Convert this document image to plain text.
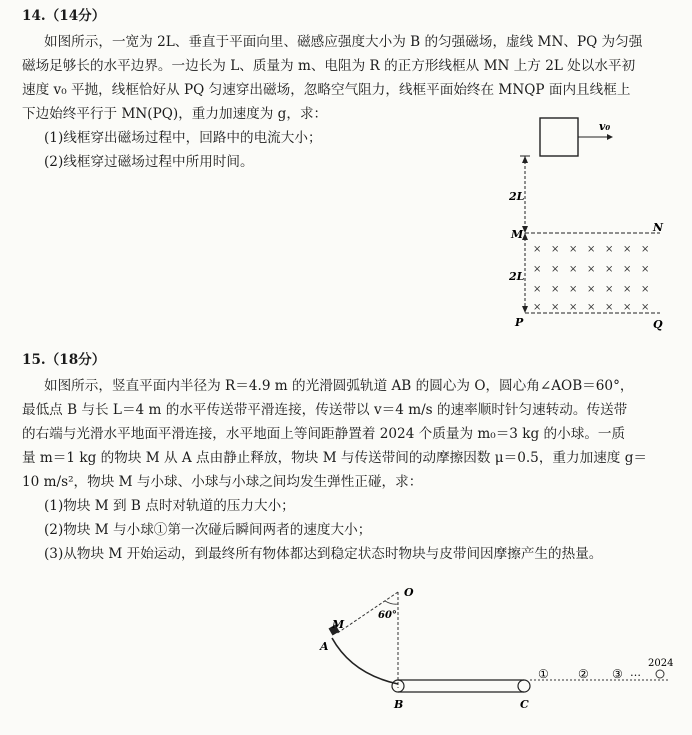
14.（14分）
如图所示，一宽为 2L、垂直于平面向里、磁感应强度大小为 B 的匀强磁场，虚线 MN、PQ 为匀强
磁场足够长的水平边界。一边长为 L、质量为 m、电阻为 R 的正方形线框从 MN 上方 2L 处以水平初
速度 v₀ 平抛，线框恰好从 PQ 匀速穿出磁场，忽略空气阻力，线框平面始终在 MNQP 面内且线框上
下边始终平行于 MN(PQ)，重力加速度为 g，求：
(1)线框穿出磁场过程中，回路中的电流大小；
(2)线框穿过磁场过程中所用时间。
v₀
2L
M
N
2L
P	Q
× × × × × × ×
× × × × × × ×
× × × × × × ×
× × × × × × ×
15.（18分）
如图所示，竖直平面内半径为 R＝4.9 m 的光滑圆弧轨道 AB 的圆心为 O，圆心角∠AOB＝60°，
最低点 B 与长 L＝4 m 的水平传送带平滑连接，传送带以 v＝4 m/s 的速率顺时针匀速转动。传送带
的右端与光滑水平地面平滑连接，水平地面上等间距静置着 2024 个质量为 m₀＝3 kg 的小球。一质
量 m＝1 kg 的物块 M 从 A 点由静止释放，物块 M 与传送带间的动摩擦因数 μ＝0.5，重力加速度 g＝
10 m/s²，物块 M 与小球、小球与小球之间均发生弹性正碰，求：
(1)物块 M 到 B 点时对轨道的压力大小；
(2)物块 M 与小球①第一次碰后瞬间两者的速度大小；
(3)从物块 M 开始运动，到最终所有物体都达到稳定状态时物块与皮带间因摩擦产生的热量。
O
60°
M
A
B	C
① ② ③ …
2024
